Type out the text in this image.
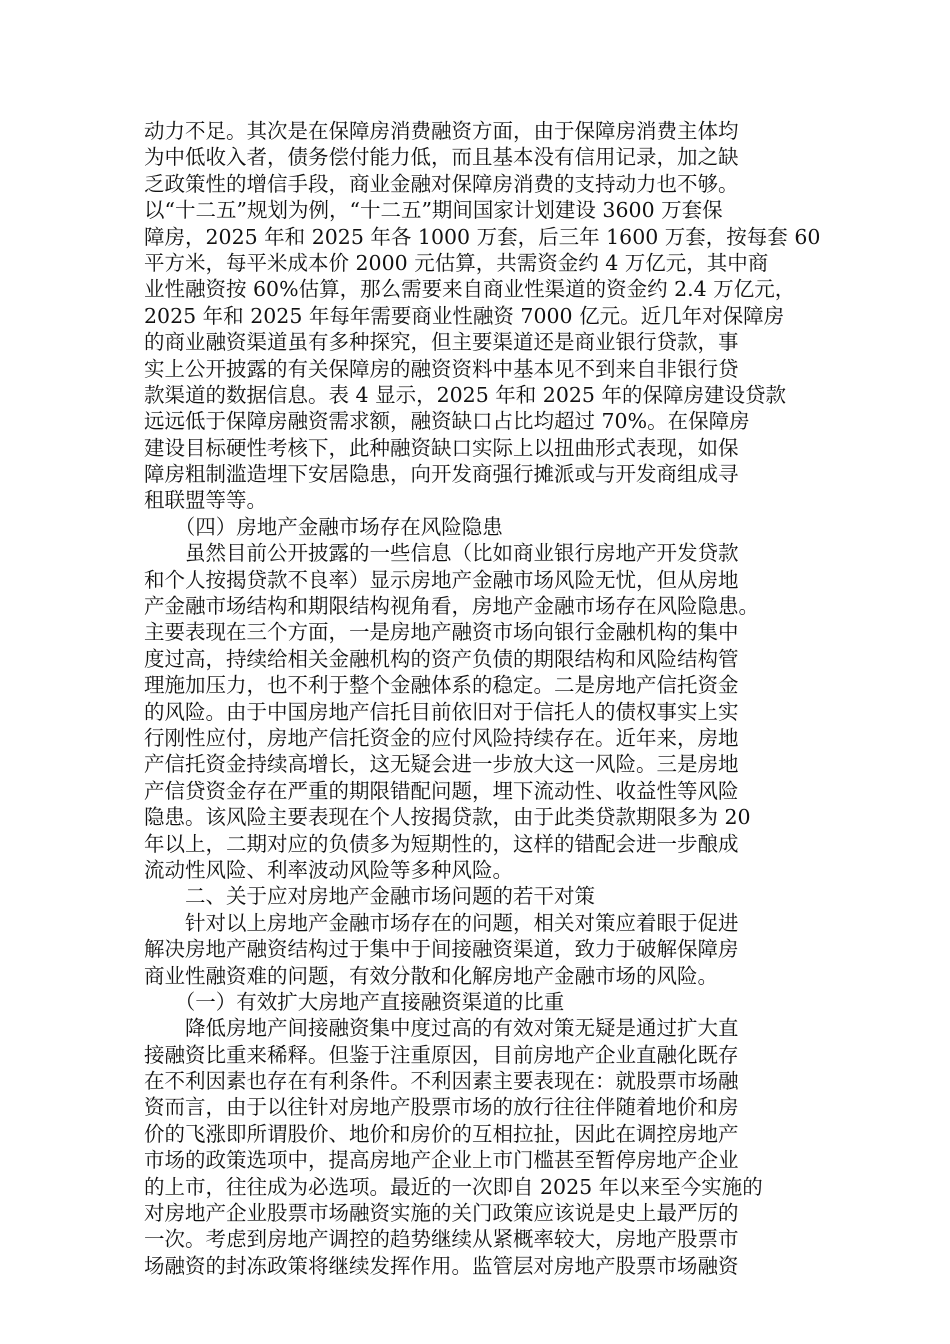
动力不足。其次是在保障房消费融资方面，由于保障房消费主体均
为中低收入者，债务偿付能力低，而且基本没有信用记录，加之缺
乏政策性的增信手段，商业金融对保障房消费的支持动力也不够。
以“十二五”规划为例，“十二五”期间国家计划建设 3600 万套保
障房，2025 年和 2025 年各 1000 万套，后三年 1600 万套，按每套 60
平方米，每平米成本价 2000 元估算，共需资金约 4 万亿元，其中商
业性融资按 60%估算，那么需要来自商业性渠道的资金约 2.4 万亿元，
2025 年和 2025 年每年需要商业性融资 7000 亿元。近几年对保障房
的商业融资渠道虽有多种探究，但主要渠道还是商业银行贷款，事
实上公开披露的有关保障房的融资资料中基本见不到来自非银行贷
款渠道的数据信息。表 4 显示，2025 年和 2025 年的保障房建设贷款
远远低于保障房融资需求额，融资缺口占比均超过 70%。在保障房
建设目标硬性考核下，此种融资缺口实际上以扭曲形式表现，如保
障房粗制滥造埋下安居隐患，向开发商强行摊派或与开发商组成寻
租联盟等等。
　　（四）房地产金融市场存在风险隐患
　　虽然目前公开披露的一些信息（比如商业银行房地产开发贷款
和个人按揭贷款不良率）显示房地产金融市场风险无忧，但从房地
产金融市场结构和期限结构视角看，房地产金融市场存在风险隐患。
主要表现在三个方面，一是房地产融资市场向银行金融机构的集中
度过高，持续给相关金融机构的资产负债的期限结构和风险结构管
理施加压力，也不利于整个金融体系的稳定。二是房地产信托资金
的风险。由于中国房地产信托目前依旧对于信托人的债权事实上实
行刚性应付，房地产信托资金的应付风险持续存在。近年来，房地
产信托资金持续高增长，这无疑会进一步放大这一风险。三是房地
产信贷资金存在严重的期限错配问题，埋下流动性、收益性等风险
隐患。该风险主要表现在个人按揭贷款，由于此类贷款期限多为 20
年以上，二期对应的负债多为短期性的，这样的错配会进一步酿成
流动性风险、利率波动风险等多种风险。
　　二、关于应对房地产金融市场问题的若干对策
　　针对以上房地产金融市场存在的问题，相关对策应着眼于促进
解决房地产融资结构过于集中于间接融资渠道，致力于破解保障房
商业性融资难的问题，有效分散和化解房地产金融市场的风险。
　　（一）有效扩大房地产直接融资渠道的比重
　　降低房地产间接融资集中度过高的有效对策无疑是通过扩大直
接融资比重来稀释。但鉴于注重原因，目前房地产企业直融化既存
在不利因素也存在有利条件。不利因素主要表现在：就股票市场融
资而言，由于以往针对房地产股票市场的放行往往伴随着地价和房
价的飞涨即所谓股价、地价和房价的互相拉扯，因此在调控房地产
市场的政策选项中，提高房地产企业上市门槛甚至暂停房地产企业
的上市，往往成为必选项。最近的一次即自 2025 年以来至今实施的
对房地产企业股票市场融资实施的关门政策应该说是史上最严厉的
一次。考虑到房地产调控的趋势继续从紧概率较大，房地产股票市
场融资的封冻政策将继续发挥作用。监管层对房地产股票市场融资
